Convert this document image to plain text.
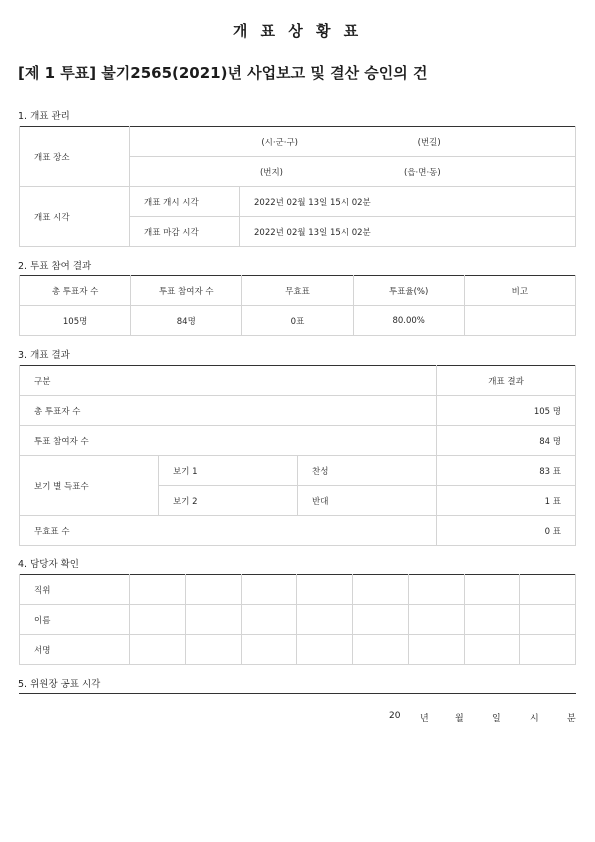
개 표 상 황 표
[제 1 투표] 불기2565(2021)년 사업보고 및 결산 승인의 건
1. 개표 관리
개표 장소	(시·군·구) (번길)	
	(번지) (읍·면·동)	
개표 시각	개표 개시 시각	2022년 02월 13일 15시 02분
	개표 마감 시각	2022년 02월 13일 15시 02분
2. 투표 참여 결과
총 투표자 수	투표 참여자 수	무효표	투표율(%)	비고
105명	84명	0표	80.00%	
3. 개표 결과
구분			개표 결과
총 투표자 수			105 명
투표 참여자 수			84 명
보기 별 득표수	보기 1	찬성	83 표
	보기 2	반대	1 표
무효표 수			0 표
4. 담당자 확인
직위								
이름								
서명								
5. 위원장 공표 시각
20 년	월	일	시	분
